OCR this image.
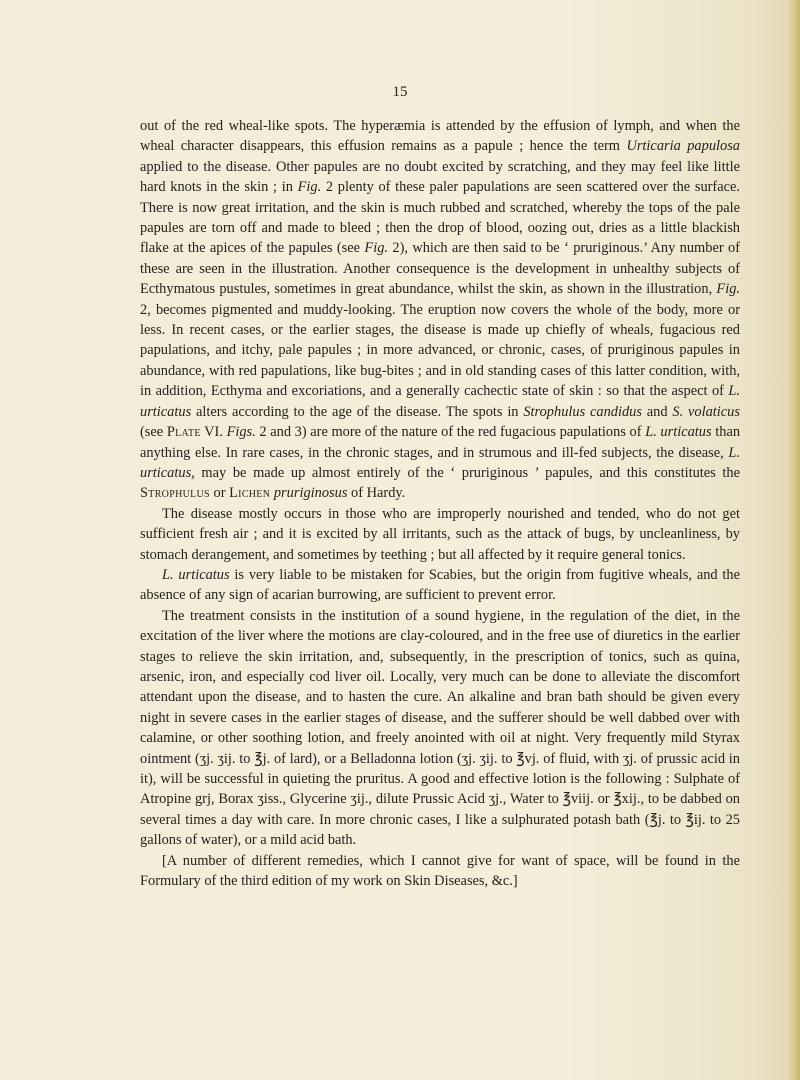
15

out of the red wheal-like spots. The hyperæmia is attended by the effusion of lymph, and when the wheal character disappears, this effusion remains as a papule ; hence the term Urticaria papulosa applied to the disease. Other papules are no doubt excited by scratching, and they may feel like little hard knots in the skin ; in Fig. 2 plenty of these paler papulations are seen scattered over the surface. There is now great irritation, and the skin is much rubbed and scratched, whereby the tops of the pale papules are torn off and made to bleed ; then the drop of blood, oozing out, dries as a little blackish flake at the apices of the papules (see Fig. 2), which are then said to be ‘ pruriginous.’ Any number of these are seen in the illustration. Another consequence is the development in unhealthy subjects of Ecthymatous pustules, sometimes in great abundance, whilst the skin, as shown in the illustration, Fig. 2, becomes pigmented and muddy-looking. The eruption now covers the whole of the body, more or less. In recent cases, or the earlier stages, the disease is made up chiefly of wheals, fugacious red papulations, and itchy, pale papules ; in more advanced, or chronic, cases, of pruriginous papules in abundance, with red papulations, like bug-bites ; and in old standing cases of this latter condition, with, in addition, Ecthyma and excoriations, and a generally cachectic state of skin : so that the aspect of L. urticatus alters according to the age of the disease. The spots in Strophulus candidus and S. volaticus (see Plate VI. Figs. 2 and 3) are more of the nature of the red fugacious papulations of L. urticatus than anything else. In rare cases, in the chronic stages, and in strumous and ill-fed subjects, the disease, L. urticatus, may be made up almost entirely of the ‘ pruriginous ’ papules, and this constitutes the Strophulus or Lichen pruriginosus of Hardy.

The disease mostly occurs in those who are improperly nourished and tended, who do not get sufficient fresh air ; and it is excited by all irritants, such as the attack of bugs, by uncleanliness, by stomach derangement, and sometimes by teething ; but all affected by it require general tonics.

L. urticatus is very liable to be mistaken for Scabies, but the origin from fugitive wheals, and the absence of any sign of acarian burrowing, are sufficient to prevent error.

The treatment consists in the institution of a sound hygiene, in the regulation of the diet, in the excitation of the liver where the motions are clay-coloured, and in the free use of diuretics in the earlier stages to relieve the skin irritation, and, subsequently, in the prescription of tonics, such as quina, arsenic, iron, and especially cod liver oil. Locally, very much can be done to alleviate the discomfort attendant upon the disease, and to hasten the cure. An alkaline and bran bath should be given every night in severe cases in the earlier stages of disease, and the sufferer should be well dabbed over with calamine, or other soothing lotion, and freely anointed with oil at night. Very frequently mild Styrax ointment (ʒj. ʒij. to ℥j. of lard), or a Belladonna lotion (ʒj. ʒij. to ℥vj. of fluid, with ʒj. of prussic acid in it), will be successful in quieting the pruritus. A good and effective lotion is the following : Sulphate of Atropine grj, Borax ʒiss., Glycerine ʒij., dilute Prussic Acid ʒj., Water to ℥viij. or ℥xij., to be dabbed on several times a day with care. In more chronic cases, I like a sulphurated potash bath (℥j. to ℥ij. to 25 gallons of water), or a mild acid bath.

[A number of different remedies, which I cannot give for want of space, will be found in the Formulary of the third edition of my work on Skin Diseases, &c.]
